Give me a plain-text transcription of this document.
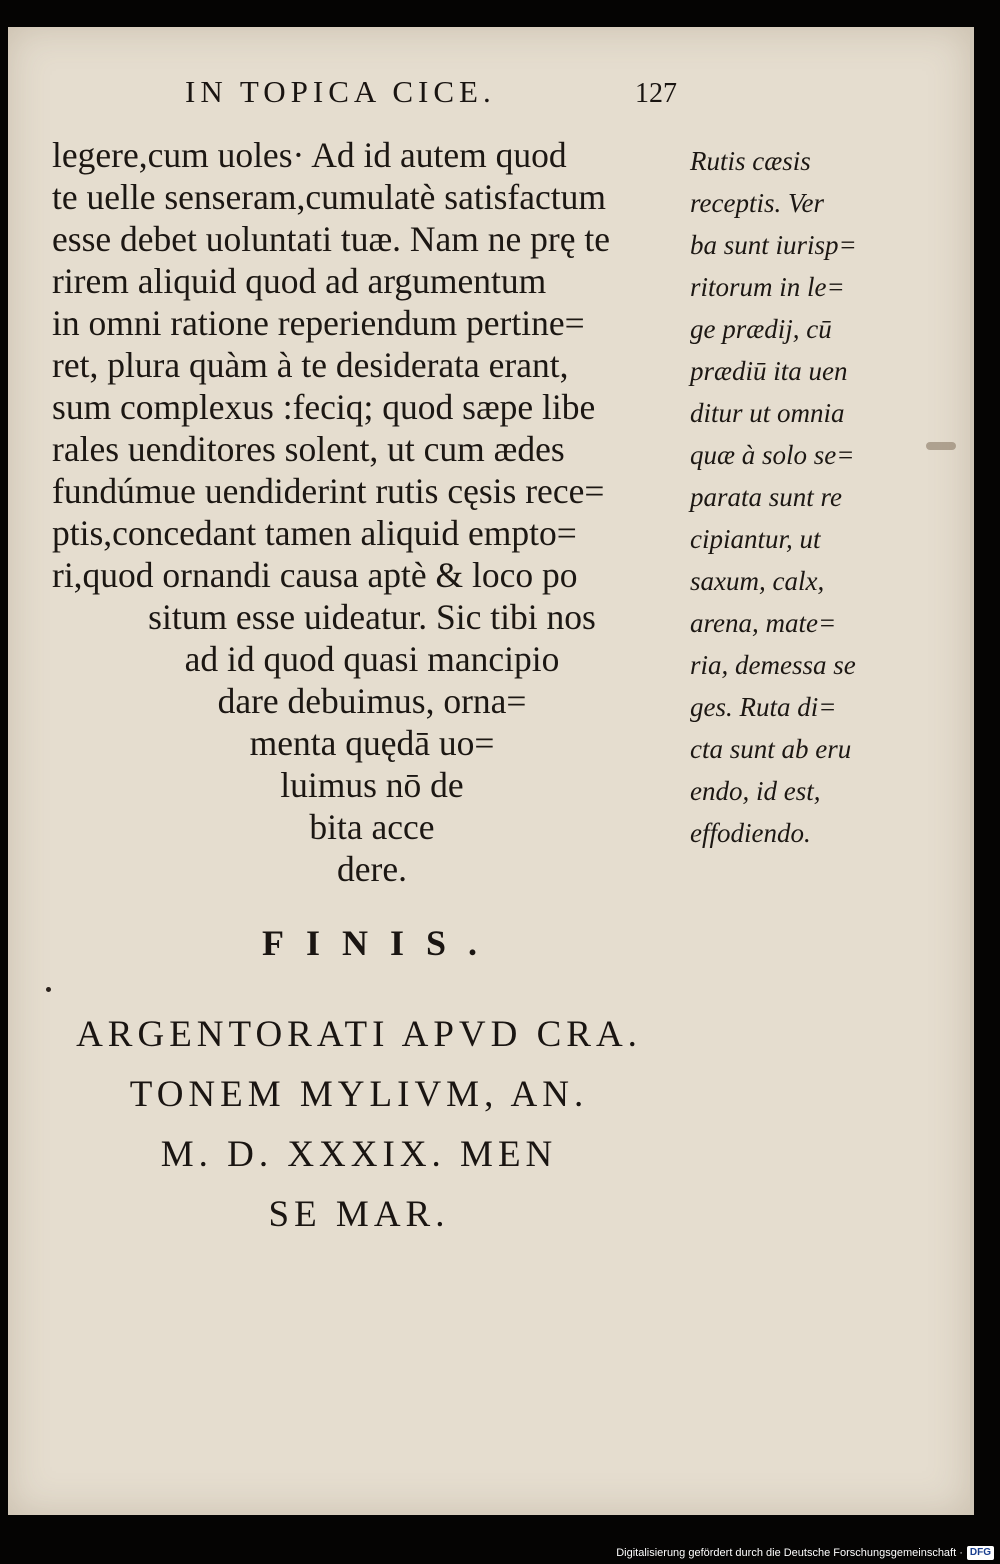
IN TOPICA CICE.	127
legere,cum uoles· Ad id autem quod
te uelle senseram,cumulatè satisfactum
esse debet uoluntati tuæ. Nam ne prę te
rirem aliquid quod ad argumentum
in omni ratione reperiendum pertine=
ret, plura quàm à te desiderata erant,
sum complexus :feciq; quod sæpe libe
rales uenditores solent, ut cum ædes
fundúmue uendiderint rutis cęsis rece=
ptis,concedant tamen aliquid empto=
ri,quod ornandi causa aptè & loco po
situm esse uideatur. Sic tibi nos
ad id quod quasi mancipio
dare debuimus, orna=
menta quędā uo=
luimus nō de
bita acce
dere.
Rutis cæsis
receptis. Ver
ba sunt iurisp=
ritorum in le=
ge prædij, cū
prædiū ita uen
ditur ut omnia
quæ à solo se=
parata sunt re
cipiantur, ut
saxum, calx,
arena, mate=
ria, demessa se
ges. Ruta di=
cta sunt ab eru
endo, id est,
effodiendo.
FINIS.
ARGENTORATI APVD CRA.
TONEM MYLIVM, AN.
M. D. XXXIX. MEN
SE MAR.
Digitalisierung gefördert durch die Deutsche Forschungsgemeinschaft · DFG
